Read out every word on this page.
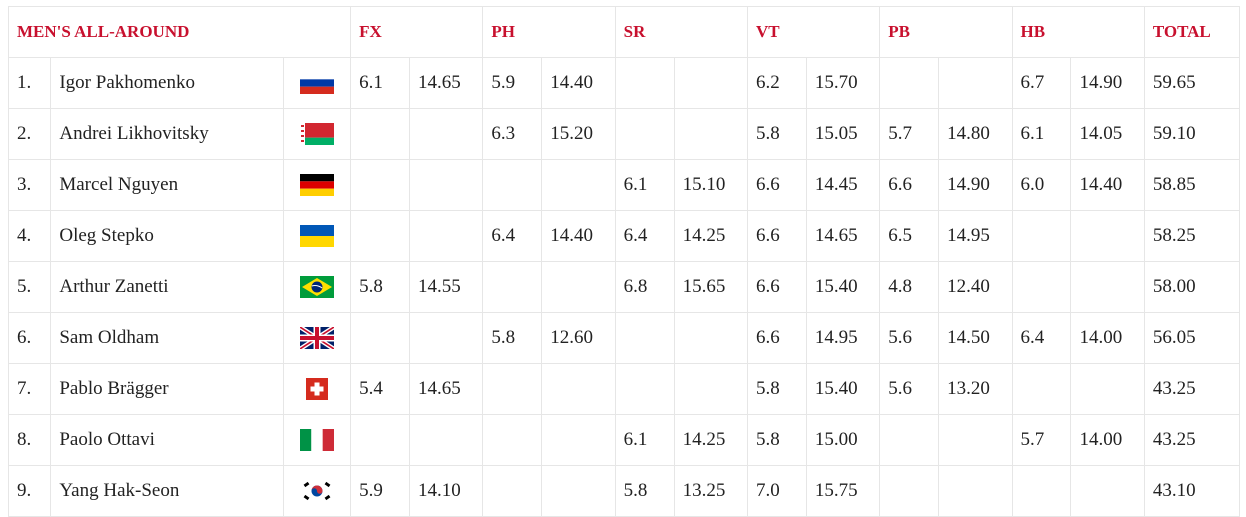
MEN'S ALL-AROUND			FX		PH		SR		VT		PB		HB		TOTAL
1.	Igor Pakhomenko		6.1	14.65	5.9	14.40			6.2	15.70			6.7	14.90	59.65
2.	Andrei Likhovitsky				6.3	15.20			5.8	15.05	5.7	14.80	6.1	14.05	59.10
3.	Marcel Nguyen						6.1	15.10	6.6	14.45	6.6	14.90	6.0	14.40	58.85
4.	Oleg Stepko				6.4	14.40	6.4	14.25	6.6	14.65	6.5	14.95			58.25
5.	Arthur Zanetti		5.8	14.55			6.8	15.65	6.6	15.40	4.8	12.40			58.00
6.	Sam Oldham				5.8	12.60			6.6	14.95	5.6	14.50	6.4	14.00	56.05
7.	Pablo Brägger		5.4	14.65					5.8	15.40	5.6	13.20			43.25
8.	Paolo Ottavi						6.1	14.25	5.8	15.00			5.7	14.00	43.25
9.	Yang Hak-Seon		5.9	14.10			5.8	13.25	7.0	15.75					43.10
